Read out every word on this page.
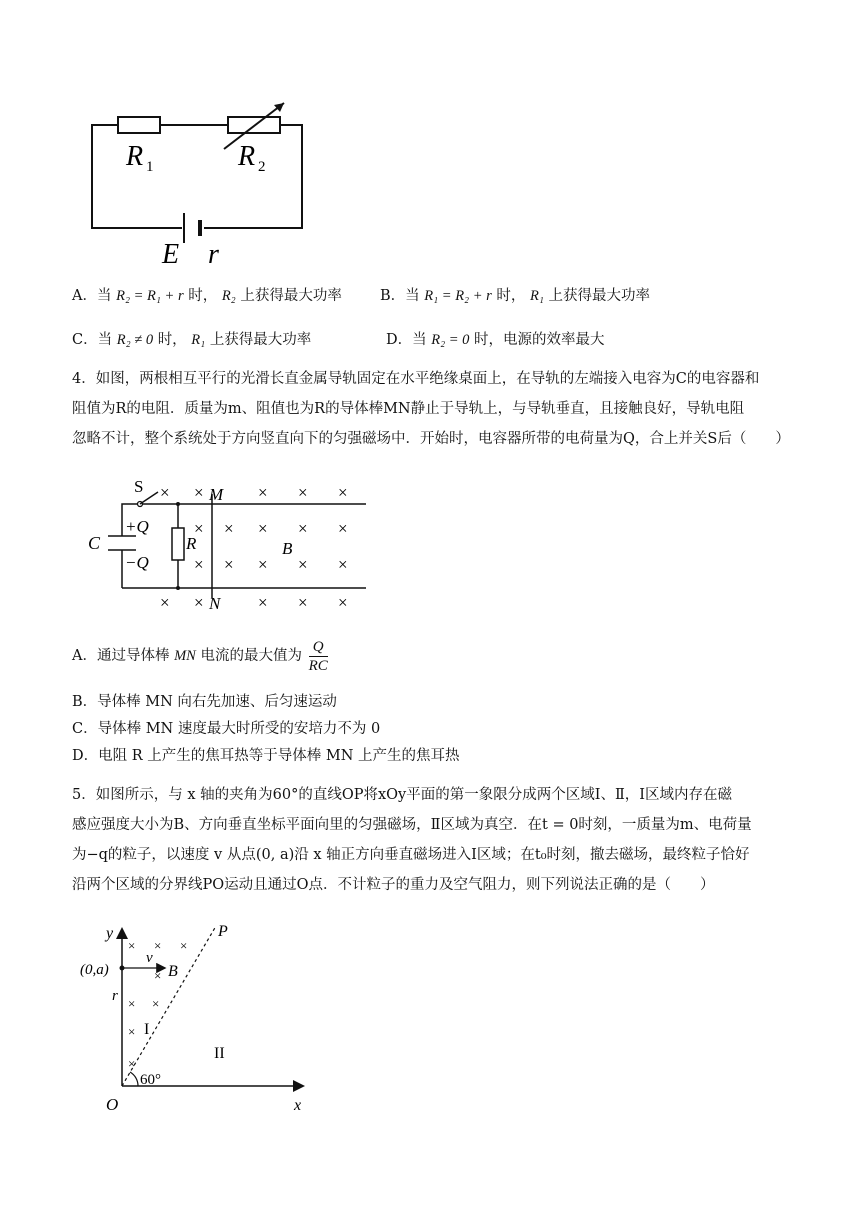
R 1	R 2
E r
A．当 R₂ = R₁ + r 时， R₂ 上获得最大功率	B．当 R₁ = R₂ + r 时， R₁ 上获得最大功率
C．当 R₂ ≠ 0 时， R₁ 上获得最大功率	D．当 R₂ = 0 时，电源的效率最大
4．如图，两根相互平行的光滑长直金属导轨固定在水平绝缘桌面上，在导轨的左端接入电容为C的电容器和
阻值为R的电阻．质量为m、阻值也为R的导体棒MN静止于导轨上，与导轨垂直，且接触良好，导轨电阻
忽略不计，整个系统处于方向竖直向下的匀强磁场中．开始时，电容器所带的电荷量为Q，合上并关S后（　　）
S	M
N
C
+Q
−Q
R	B
× ×	× × ×
× × × × ×
× × × × ×
× ×	× × ×
A．通过导体棒 MN 电流的最大值为 $\frac{Q}{RC}$
B．导体棒 MN 向右先加速、后匀速运动
C．导体棒 MN 速度最大时所受的安培力不为 0
D．电阻 R 上产生的焦耳热等于导体棒 MN 上产生的焦耳热
5．如图所示，与 x 轴的夹角为60°的直线OP将xOy平面的第一象限分成两个区域Ⅰ、Ⅱ，Ⅰ区域内存在磁
感应强度大小为B、方向垂直坐标平面向里的匀强磁场，Ⅱ区域为真空．在t = 0时刻，一质量为m、电荷量
为−q的粒子，以速度 v 从点(0, a)沿 x 轴正方向垂直磁场进入Ⅰ区域；在t₀时刻，撤去磁场，最终粒子恰好
沿两个区域的分界线PO运动且通过O点．不计粒子的重力及空气阻力，则下列说法正确的是（　　）
y
x
O
P
(0,a)
v
B
r
I
II
60°
× × ×
×
× ×
×
×
